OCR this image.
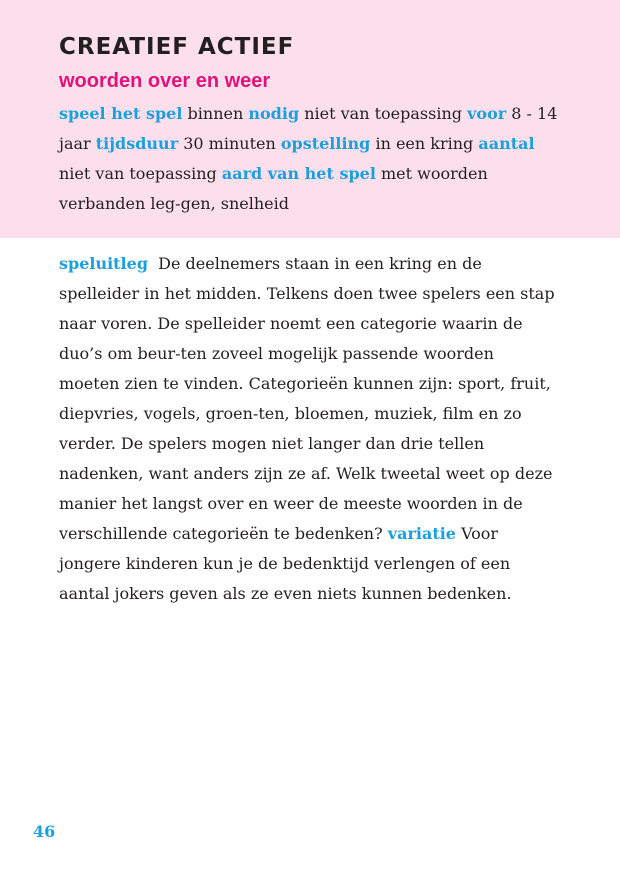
CREATIEF ACTIEF
woorden over en weer

speel het spel binnen nodig niet van toepassing voor 8 - 14 jaar tijdsduur 30 minuten opstelling in een kring aantal niet van toepassing aard van het spel met woorden verbanden leg-gen, snelheid

speluitleg De deelnemers staan in een kring en de spelleider in het midden. Telkens doen twee spelers een stap naar voren. De spelleider noemt een categorie waarin de duo’s om beur-ten zoveel mogelijk passende woorden moeten zien te vinden. Categorieën kunnen zijn: sport, fruit, diepvries, vogels, groen-ten, bloemen, muziek, film en zo verder. De spelers mogen niet langer dan drie tellen nadenken, want anders zijn ze af. Welk tweetal weet op deze manier het langst over en weer de meeste woorden in de verschillende categorieën te bedenken? variatie Voor jongere kinderen kun je de bedenktijd verlengen of een aantal jokers geven als ze even niets kunnen bedenken.

46
